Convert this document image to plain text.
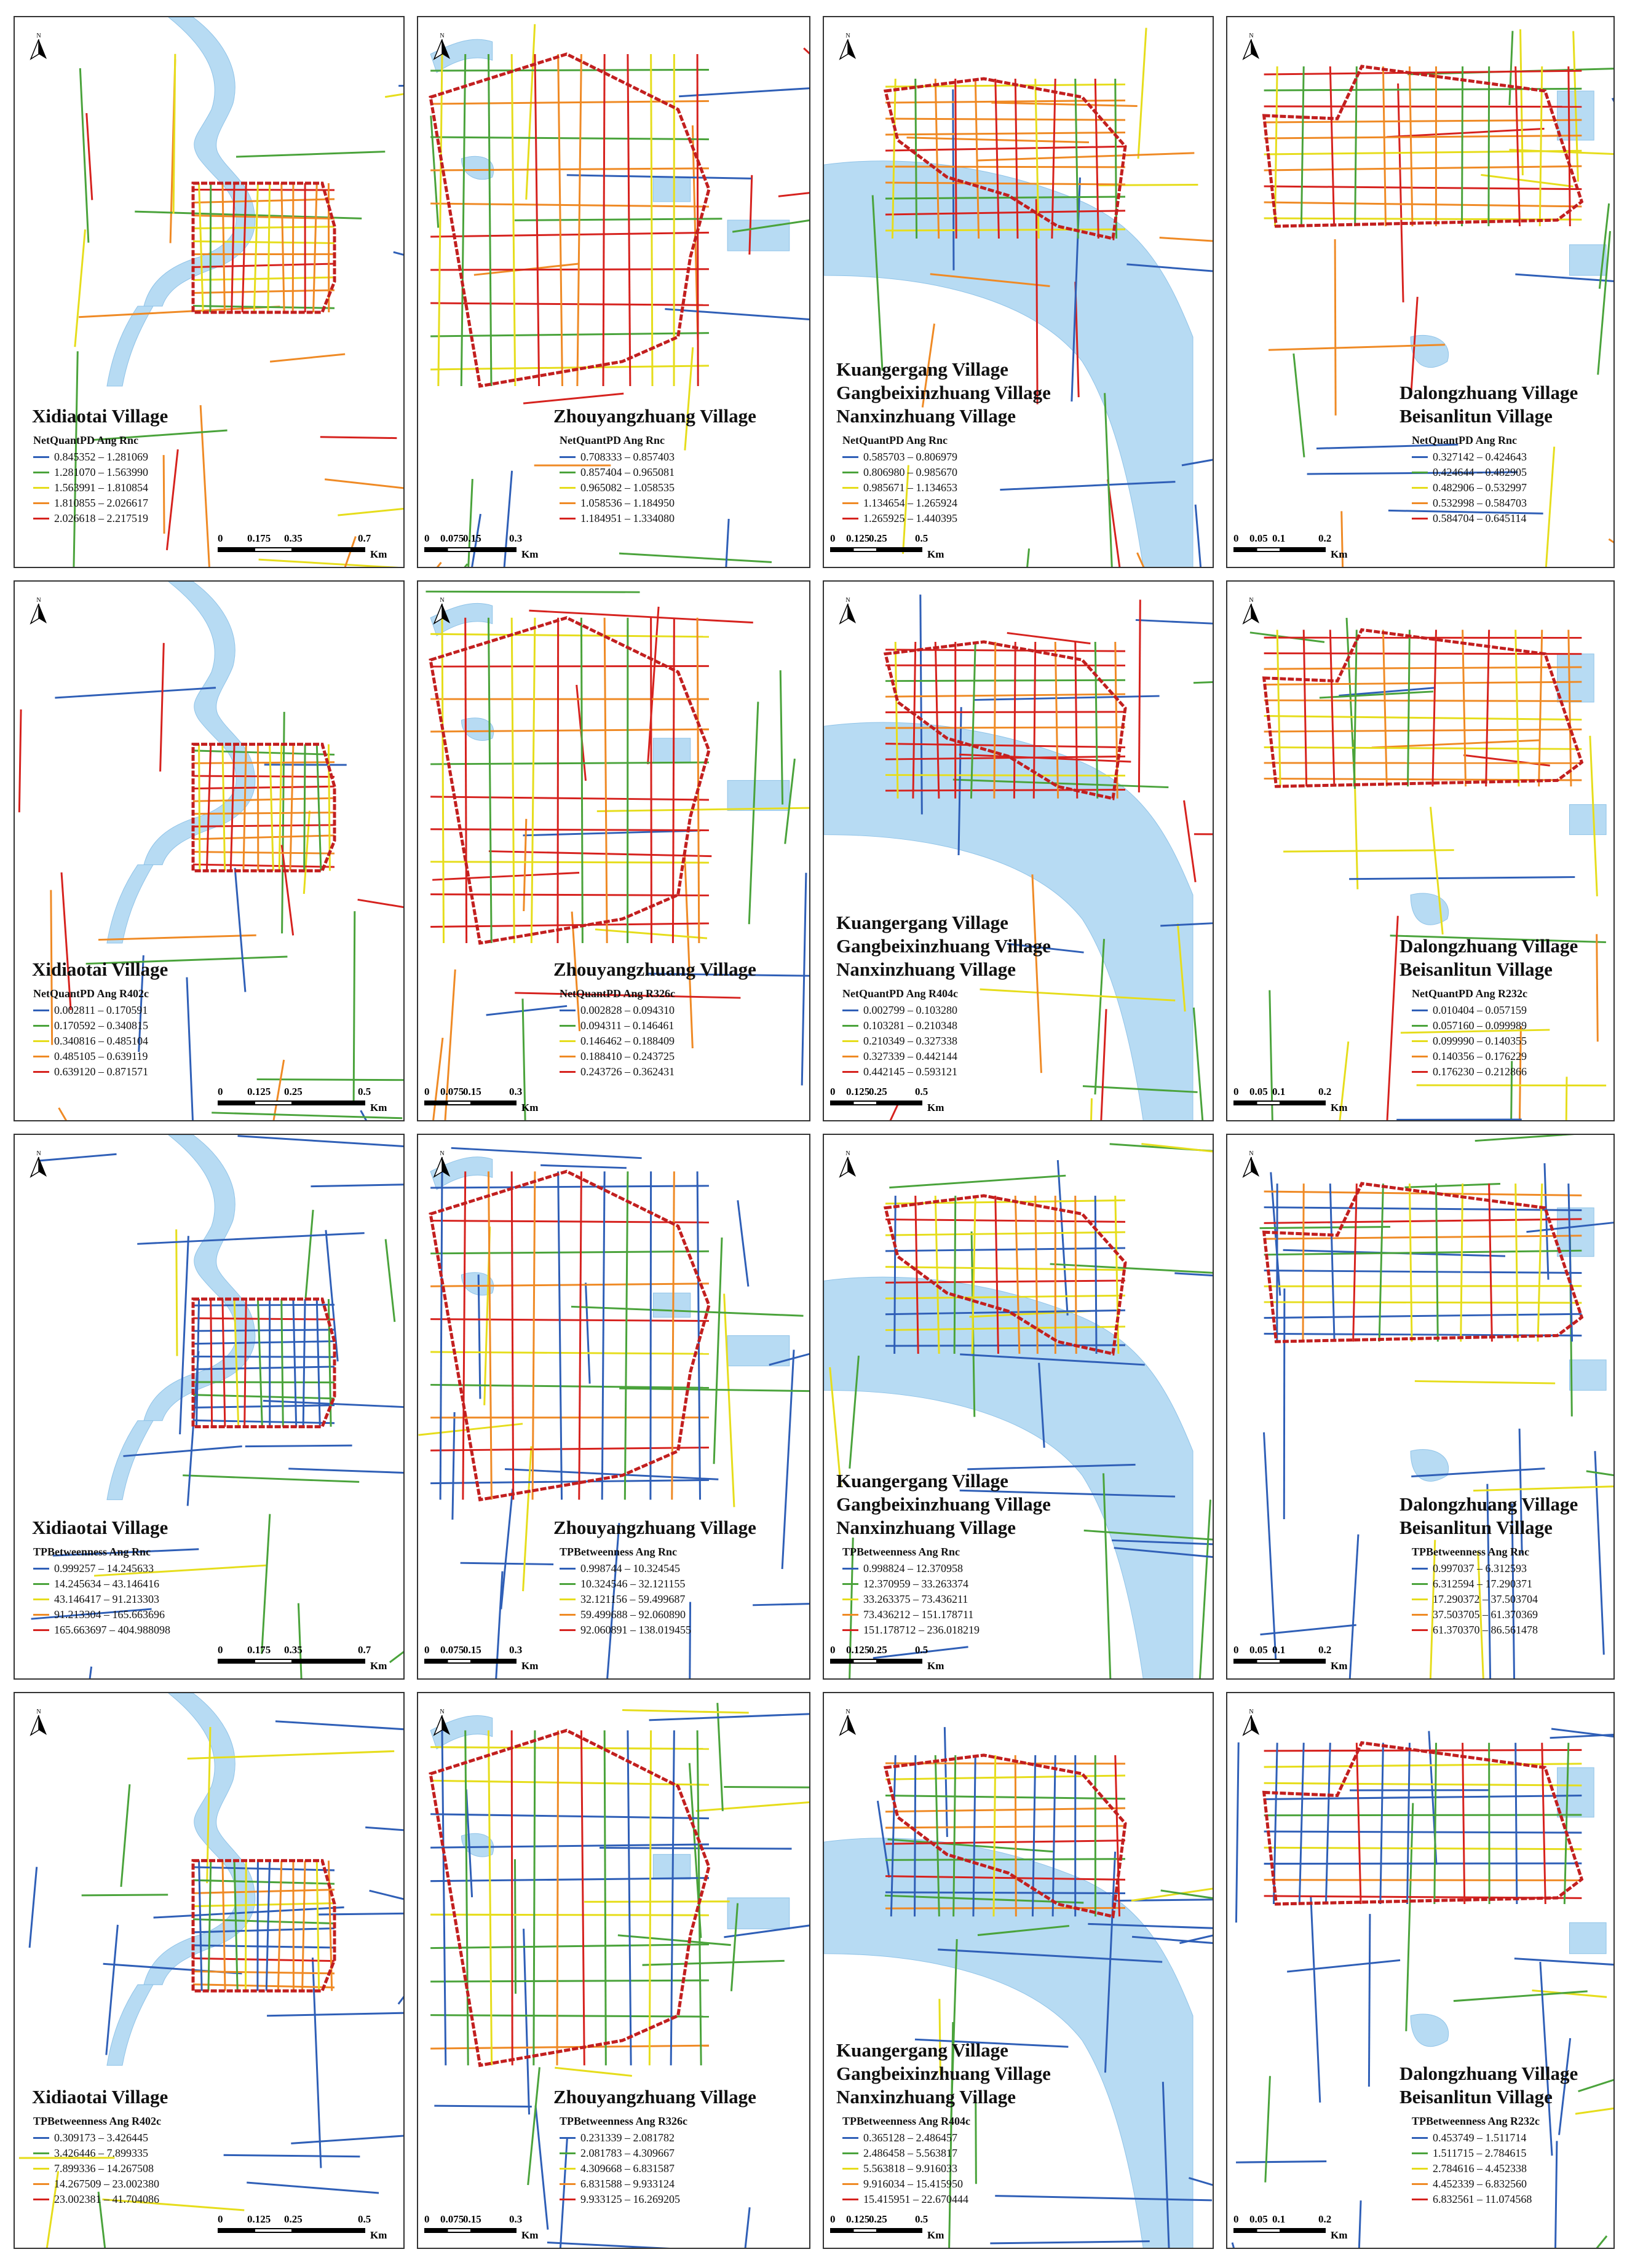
N
Xidiaotai Village
NetQuantPD Ang Rnc
0.845352 – 1.281069
1.281070 – 1.563990
1.563991 – 1.810854
1.810855 – 2.026617
2.026618 – 2.217519
0 0.175 0.35	0.7
Km
N
Zhouyangzhuang Village
NetQuantPD Ang Rnc
0.708333 – 0.857403
0.857404 – 0.965081
0.965082 – 1.058535
1.058536 – 1.184950
1.184951 – 1.334080
0 0.075
0.15	0.3
Km
N
Kuangergang Village
Gangbeixinzhuang Village
Nanxinzhuang Village
NetQuantPD Ang Rnc
0.585703 – 0.806979
0.806980 – 0.985670
0.985671 – 1.134653
1.134654 – 1.265924
1.265925 – 1.440395
0 0.125
0.25	0.5
Km
N
Dalongzhuang Village
Beisanlitun Village
NetQuantPD Ang Rnc
0.327142 – 0.424643
0.424644 – 0.482905
0.482906 – 0.532997
0.532998 – 0.584703
0.584704 – 0.645114
0 0.05 0.1	0.2
Km
N
Xidiaotai Village
NetQuantPD Ang R402c
0.002811 – 0.170591
0.170592 – 0.340815
0.340816 – 0.485104
0.485105 – 0.639119
0.639120 – 0.871571
0 0.125 0.25	0.5
Km
N
Zhouyangzhuang Village
NetQuantPD Ang R326c
0.002828 – 0.094310
0.094311 – 0.146461
0.146462 – 0.188409
0.188410 – 0.243725
0.243726 – 0.362431
0 0.075
0.15	0.3
Km
N
Kuangergang Village
Gangbeixinzhuang Village
Nanxinzhuang Village
NetQuantPD Ang R404c
0.002799 – 0.103280
0.103281 – 0.210348
0.210349 – 0.327338
0.327339 – 0.442144
0.442145 – 0.593121
0 0.125
0.25	0.5
Km
N
Dalongzhuang Village
Beisanlitun Village
NetQuantPD Ang R232c
0.010404 – 0.057159
0.057160 – 0.099989
0.099990 – 0.140355
0.140356 – 0.176229
0.176230 – 0.212866
0 0.05 0.1	0.2
Km
N
Xidiaotai Village
TPBetweenness Ang Rnc
0.999257 – 14.245633
14.245634 – 43.146416
43.146417 – 91.213303
91.213304 – 165.663696
165.663697 – 404.988098
0 0.175 0.35	0.7
Km
N
Zhouyangzhuang Village
TPBetweenness Ang Rnc
0.998744 – 10.324545
10.324546 – 32.121155
32.121156 – 59.499687
59.499688 – 92.060890
92.060891 – 138.019455
0 0.075
0.15	0.3
Km
N
Kuangergang Village
Gangbeixinzhuang Village
Nanxinzhuang Village
TPBetweenness Ang Rnc
0.998824 – 12.370958
12.370959 – 33.263374
33.263375 – 73.436211
73.436212 – 151.178711
151.178712 – 236.018219
0 0.125
0.25	0.5
Km
N
Dalongzhuang Village
Beisanlitun Village
TPBetweenness Ang Rnc
0.997037 – 6.312593
6.312594 – 17.290371
17.290372 – 37.503704
37.503705 – 61.370369
61.370370 – 86.561478
0 0.05 0.1	0.2
Km
N
Xidiaotai Village
TPBetweenness Ang R402c
0.309173 – 3.426445
3.426446 – 7.899335
7.899336 – 14.267508
14.267509 – 23.002380
23.002381 – 41.704086
0 0.125 0.25	0.5
Km
N
Zhouyangzhuang Village
TPBetweenness Ang R326c
0.231339 – 2.081782
2.081783 – 4.309667
4.309668 – 6.831587
6.831588 – 9.933124
9.933125 – 16.269205
0 0.075
0.15	0.3
Km
N
Kuangergang Village
Gangbeixinzhuang Village
Nanxinzhuang Village
TPBetweenness Ang R404c
0.365128 – 2.486457
2.486458 – 5.563817
5.563818 – 9.916033
9.916034 – 15.415950
15.415951 – 22.670444
0 0.125
0.25	0.5
Km
N
Dalongzhuang Village
Beisanlitun Village
TPBetweenness Ang R232c
0.453749 – 1.511714
1.511715 – 2.784615
2.784616 – 4.452338
4.452339 – 6.832560
6.832561 – 11.074568
0 0.05 0.1	0.2
Km
